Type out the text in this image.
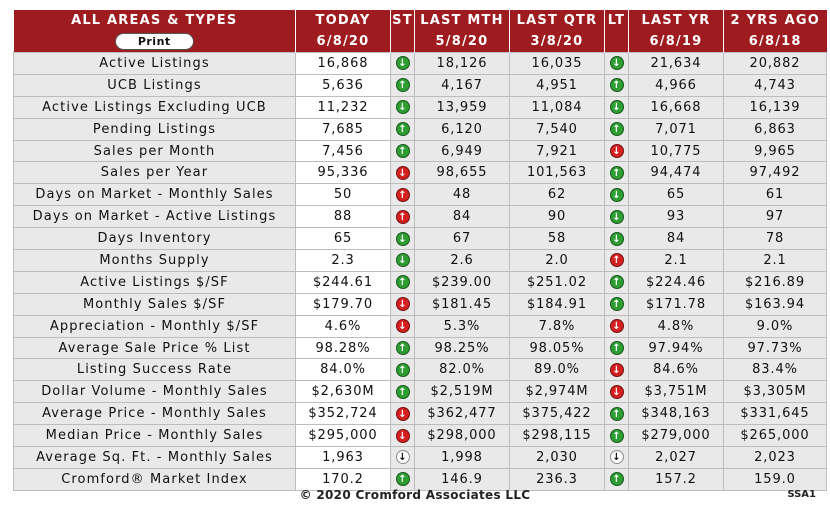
ALL AREAS & TYPES	TODAY	ST	LAST MTH	LAST QTR	LT	LAST YR	2 YRS AGO
Print	6/8/20		5/8/20	3/8/20		6/8/19	6/8/18
Active Listings	16,868	↓	18,126	16,035	↓	21,634	20,882
UCB Listings	5,636	↑	4,167	4,951	↑	4,966	4,743
Active Listings Excluding UCB	11,232	↓	13,959	11,084	↓	16,668	16,139
Pending Listings	7,685	↑	6,120	7,540	↑	7,071	6,863
Sales per Month	7,456	↑	6,949	7,921	↓	10,775	9,965
Sales per Year	95,336	↓	98,655	101,563	↑	94,474	97,492
Days on Market - Monthly Sales	50	↑	48	62	↓	65	61
Days on Market - Active Listings	88	↑	84	90	↓	93	97
Days Inventory	65	↓	67	58	↓	84	78
Months Supply	2.3	↓	2.6	2.0	↑	2.1	2.1
Active Listings $/SF	$244.61	↑	$239.00	$251.02	↑	$224.46	$216.89
Monthly Sales $/SF	$179.70	↓	$181.45	$184.91	↑	$171.78	$163.94
Appreciation - Monthly $/SF	4.6%	↓	5.3%	7.8%	↓	4.8%	9.0%
Average Sale Price % List	98.28%	↑	98.25%	98.05%	↑	97.94%	97.73%
Listing Success Rate	84.0%	↑	82.0%	89.0%	↓	84.6%	83.4%
Dollar Volume - Monthly Sales	$2,630M	↑	$2,519M	$2,974M	↓	$3,751M	$3,305M
Average Price - Monthly Sales	$352,724	↓	$362,477	$375,422	↑	$348,163	$331,645
Median Price - Monthly Sales	$295,000	↓	$298,000	$298,115	↑	$279,000	$265,000
Average Sq. Ft. - Monthly Sales	1,963	↓	1,998	2,030	↓	2,027	2,023
Cromford® Market Index	170.2	↑	146.9	236.3	↑	157.2	159.0
© 2020 Cromford Associates LLC	SSA1
